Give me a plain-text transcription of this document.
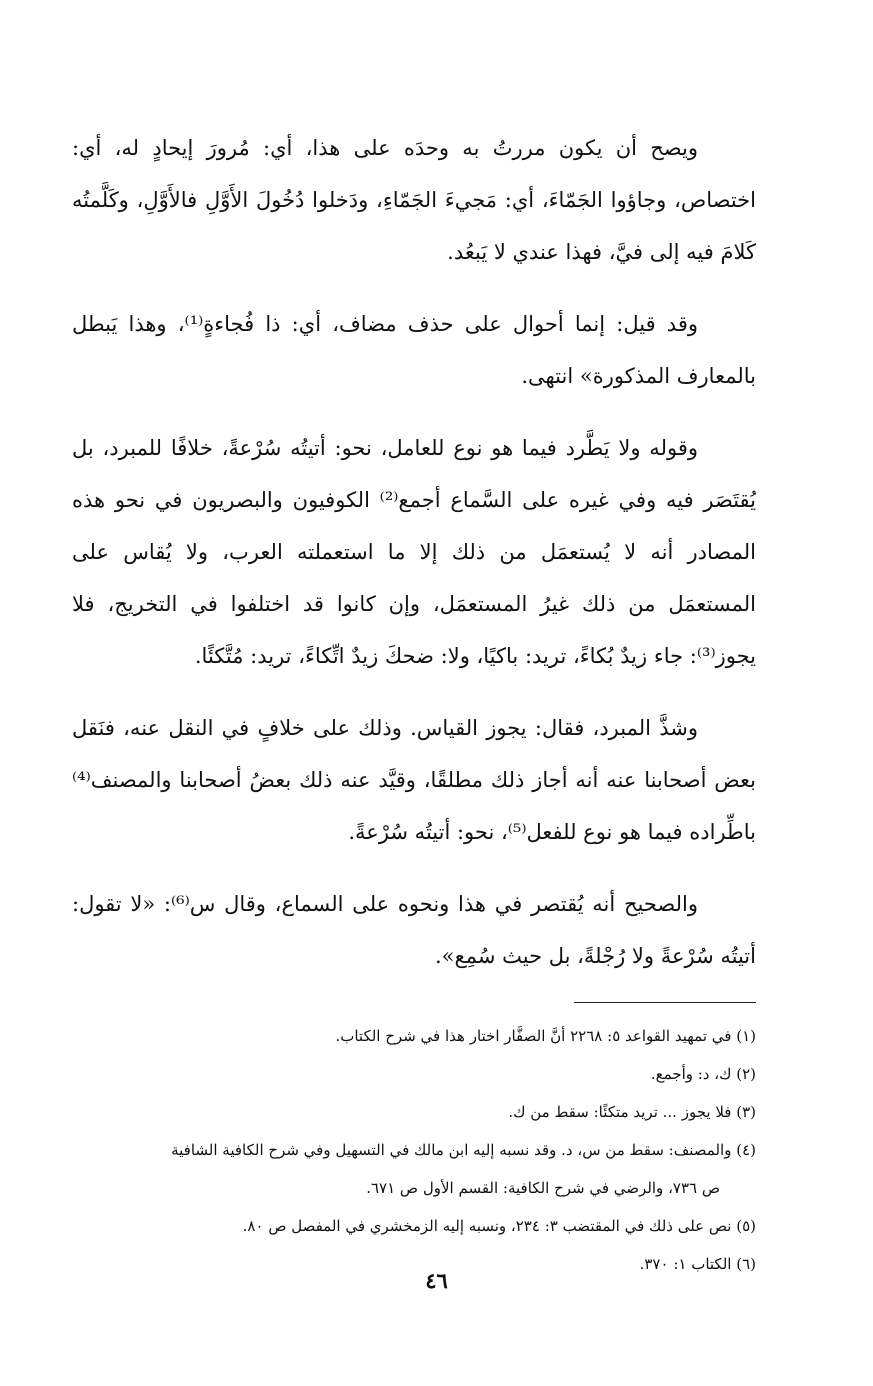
ويصح أن يكون مررتُ به وحدَه على هذا، أي: مُرورَ إيحادٍ له، أي: اختصاص، وجاؤوا الجَمّاءَ، أي: مَجيءَ الجَمّاءِ، ودَخلوا دُخُولَ الأَوَّلِ فالأَوَّلِ، وكَلَّمتُه كَلامَ فيه إلى فيَّ، فهذا عندي لا يَبعُد.

وقد قيل: إنما أحوال على حذف مضاف، أي: ذا فُجاءةٍ⁽¹⁾، وهذا يَبطل بالمعارف المذكورة» انتهى.

وقوله ولا يَطَّرد فيما هو نوع للعامل، نحو: أتيتُه سُرْعةً، خلافًا للمبرد، بل يُقتَصَر فيه وفي غيره على السَّماع أجمع⁽²⁾ الكوفيون والبصريون في نحو هذه المصادر أنه لا يُستعمَل من ذلك إلا ما استعملته العرب، ولا يُقاس على المستعمَل من ذلك غيرُ المستعمَل، وإن كانوا قد اختلفوا في التخريج، فلا يجوز⁽³⁾: جاء زيدٌ بُكاءً، تريد: باكيًا، ولا: ضحكَ زيدٌ اتِّكاءً، تريد: مُتَّكئًا.

وشذَّ المبرد، فقال: يجوز القياس. وذلك على خلافٍ في النقل عنه، فنَقل بعض أصحابنا عنه أنه أجاز ذلك مطلقًا، وقيَّد عنه ذلك بعضُ أصحابنا والمصنف⁽⁴⁾ باطِّراده فيما هو نوع للفعل⁽⁵⁾، نحو: أتيتُه سُرْعةً.

والصحيح أنه يُقتصر في هذا ونحوه على السماع، وقال س⁽⁶⁾: «لا تقول: أتيتُه سُرْعةً ولا رُجْلةً، بل حيث سُمِع».

(١) في تمهيد القواعد ٥: ٢٢٦٨ أنَّ الصفَّار اختار هذا في شرح الكتاب.
(٢) ك، د: وأجمع.
(٣) فلا يجوز ... تريد متكئًا: سقط من ك.
(٤) والمصنف: سقط من س، د. وقد نسبه إليه ابن مالك في التسهيل وفي شرح الكافية الشافية
ص ٧٣٦، والرضي في شرح الكافية: القسم الأول ص ٦٧١.
(٥) نص على ذلك في المقتضب ٣: ٢٣٤، ونسبه إليه الزمخشري في المفصل ص ٨٠.
(٦) الكتاب ١: ٣٧٠.
٤٦
